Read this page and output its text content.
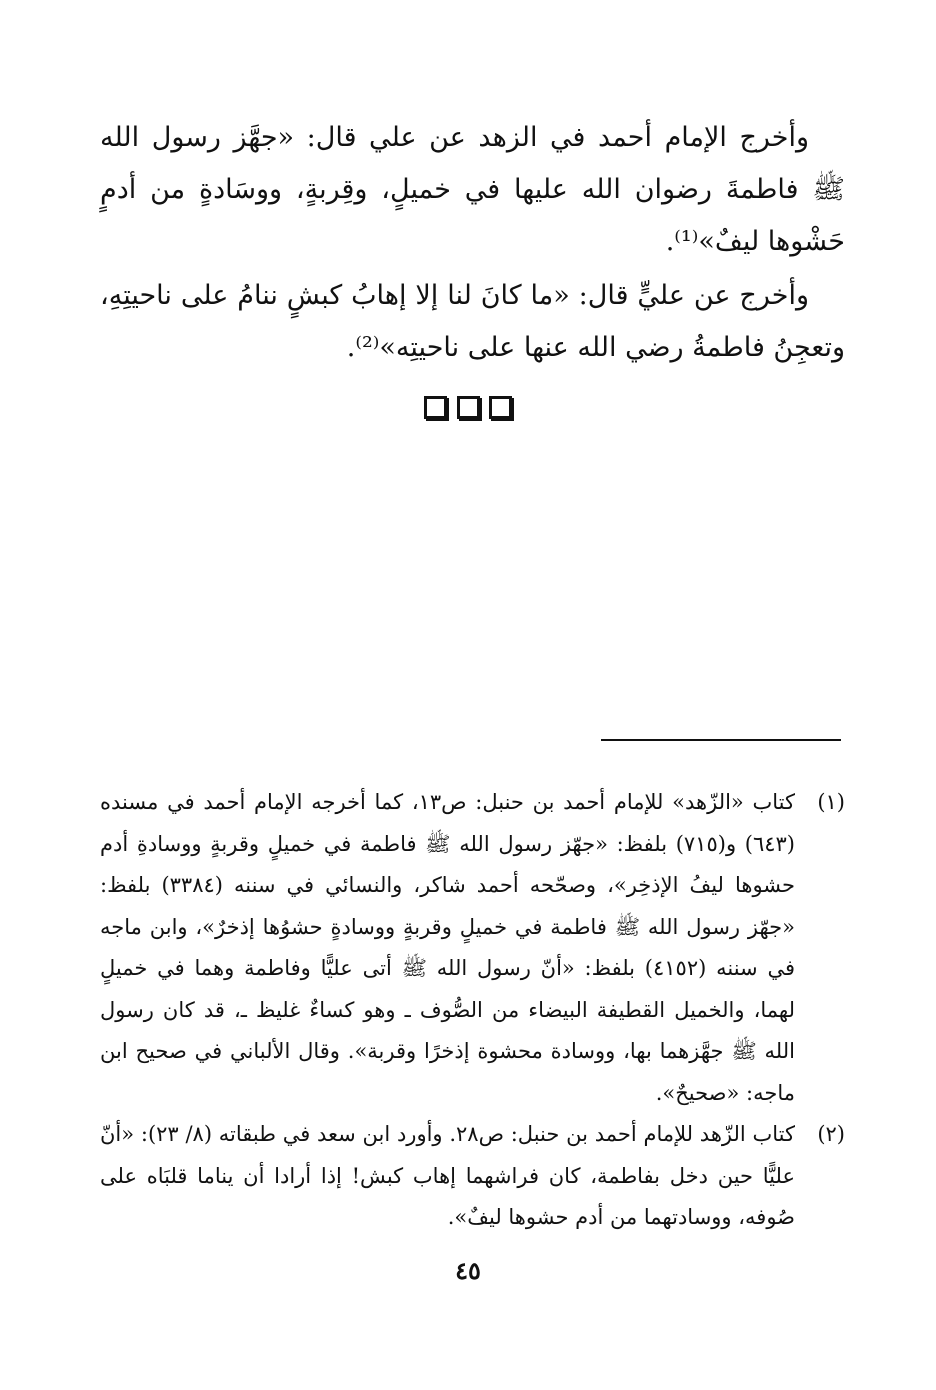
وأخرج الإمام أحمد في الزهد عن علي قال: «جهَّز رسول الله ﷺ فاطمةَ رضوان الله عليها في خميلٍ، وقِربةٍ، ووسَادةٍ من أدمٍ حَشْوها ليفٌ»⁽¹⁾.

وأخرج عن عليٍّ قال: «ما كانَ لنا إلا إهابُ كبشٍ ننامُ على ناحيتِهِ، وتعجِنُ فاطمةُ رضي الله عنها على ناحيتِه»⁽²⁾.

(١)
كتاب «الزّهد» للإمام أحمد بن حنبل: ص١٣، كما أخرجه الإمام أحمد في مسنده (٦٤٣) و(٧١٥) بلفظ: «جهّز رسول الله ﷺ فاطمة في خميلٍ وقربةٍ ووسادةِ أدم حشوها ليفُ الإذخِر»، وصحّحه أحمد شاكر، والنسائي في سننه (٣٣٨٤) بلفظ: «جهّز رسول الله ﷺ فاطمة في خميلٍ وقربةٍ ووسادةٍ حشوُها إذخرٌ»، وابن ماجه في سننه (٤١٥٢) بلفظ: «أنّ رسول الله ﷺ أتى عليًّا وفاطمة وهما في خميلٍ لهما، والخميل القطيفة البيضاء من الصُّوف ـ وهو كساءٌ غليظ ـ، قد كان رسول الله ﷺ جهَّزهما بها، ووسادة محشوة إذخرًا وقربة». وقال الألباني في صحيح ابن ماجه: «صحيحٌ».
(٢)
كتاب الزّهد للإمام أحمد بن حنبل: ص٢٨. وأورد ابن سعد في طبقاته (٨/ ٢٣): «أنّ عليًّا حين دخل بفاطمة، كان فراشهما إهاب كبش! إذا أرادا أن يناما قلبَاه على صُوفه، ووسادتهما من أدم حشوها ليفٌ».
٤٥
